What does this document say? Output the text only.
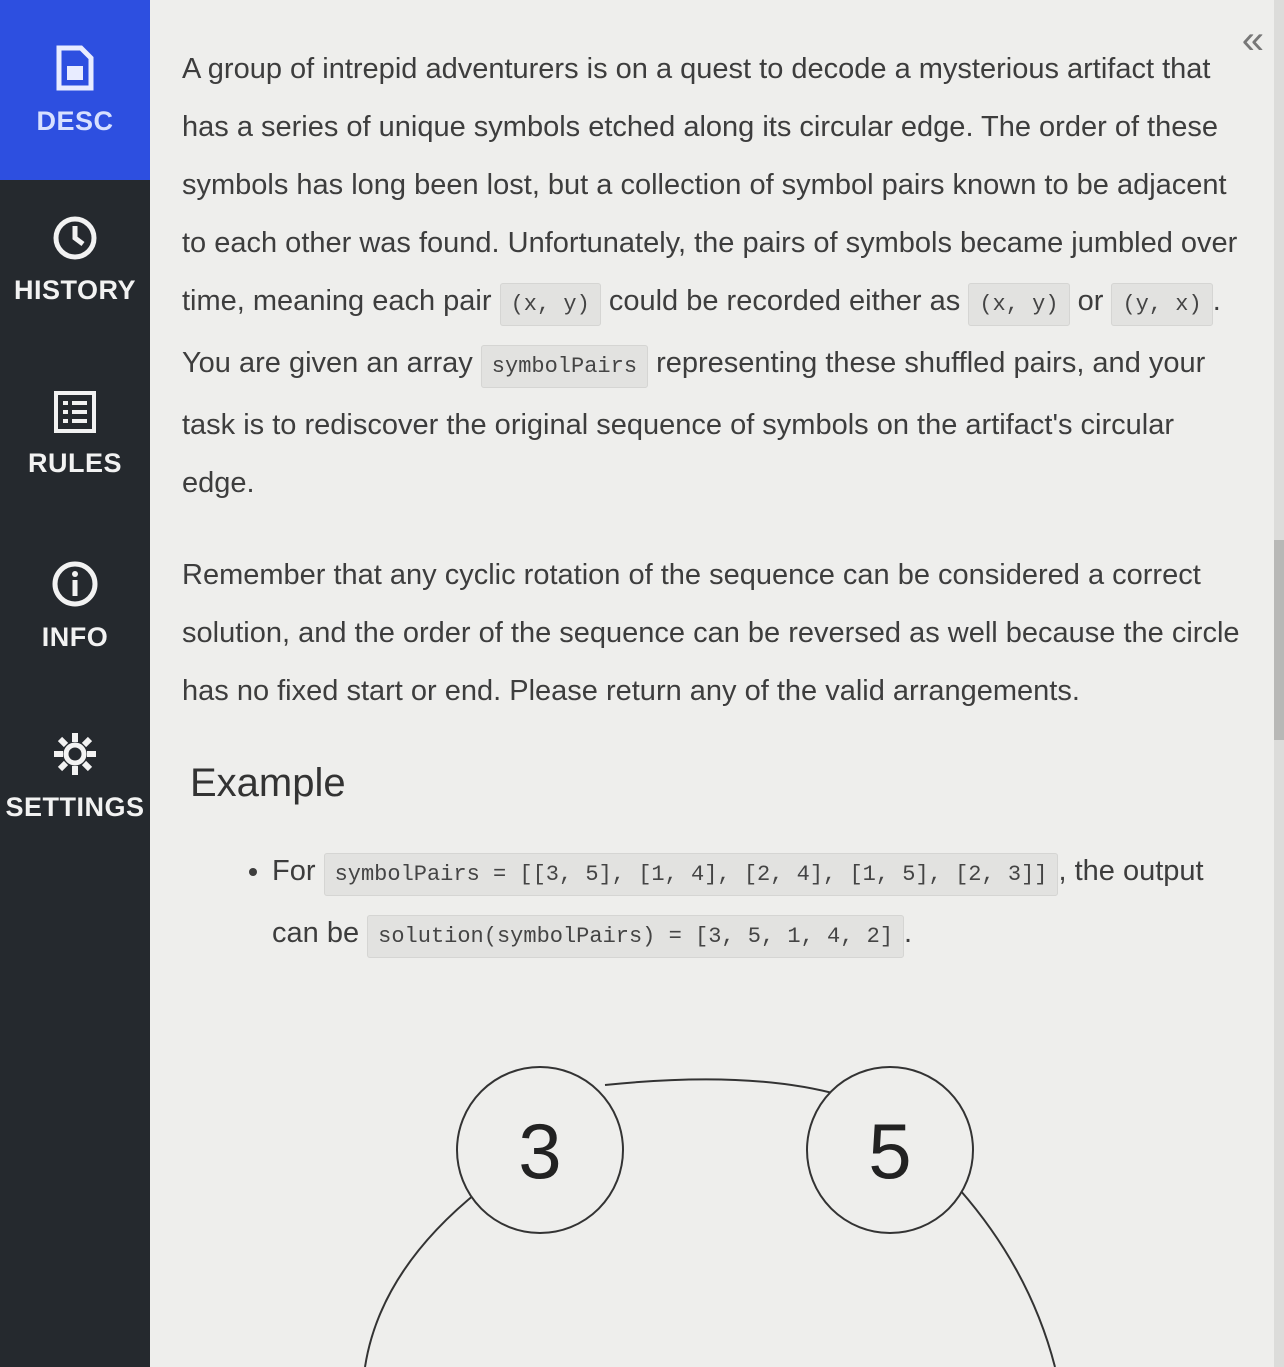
DESC
HISTORY
RULES
INFO
SETTINGS
«

A group of intrepid adventurers is on a quest to decode a mysterious artifact that has a series of unique symbols etched along its circular edge. The order of these symbols has long been lost, but a collection of symbol pairs known to be adjacent to each other was found. Unfortunately, the pairs of symbols became jumbled over time, meaning each pair (x, y) could be recorded either as (x, y) or (y, x) . You are given an array symbolPairs representing these shuffled pairs, and your task is to rediscover the original sequence of symbols on the artifact's circular edge.

Remember that any cyclic rotation of the sequence can be considered a correct solution, and the order of the sequence can be reversed as well because the circle has no fixed start or end. Please return any of the valid arrangements.

Example
• For symbolPairs = [[3, 5], [1, 4], [2, 4], [1, 5], [2, 3]] , the output can be solution(symbolPairs) = [3, 5, 1, 4, 2] .
3	5
